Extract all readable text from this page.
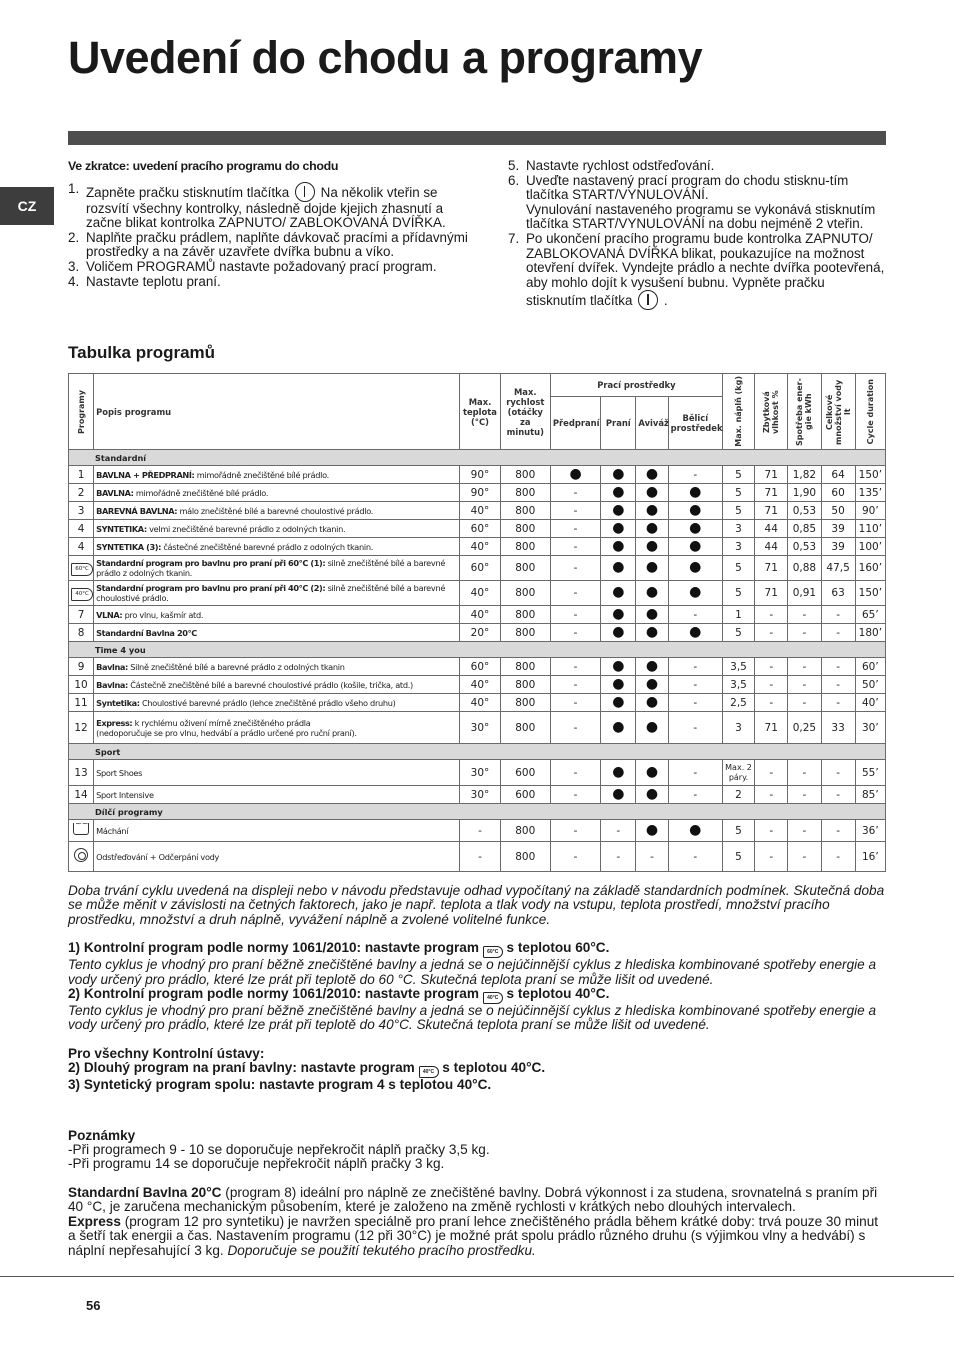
Uvedení do chodu a programy
CZ
Ve zkratce: uvedení pracího programu do chodu
1. Zapněte pračku stisknutím tlačítka Na několik vteřin se rozsvítí všechny kontrolky, následně dojde kjejich zhasnutí a začne blikat kontrolka ZAPNUTO/ ZABLOKOVANÁ DVÍŘKA.
2. Naplňte pračku prádlem, naplňte dávkovač pracími a přídavnými prostředky a na závěr uzavřete dvířka bubnu a víko.
3. Voličem PROGRAMŮ nastavte požadovaný prací program.
4. Nastavte teplotu praní.
5. Nastavte rychlost odstřeďování.
6. Uveďte nastavený prací program do chodu stisknu-tím tlačítka START/VYNULOVÁNÍ.
Vynulování nastaveného programu se vykonává stisknutím tlačítka START/VYNULOVÁNÍ na dobu nejméně 2 vteřin.
7. Po ukončení pracího programu bude kontrolka ZAPNUTO/ ZABLOKOVANÁ DVÍŘKA blikat, poukazujíce na možnost otevření dvířek. Vyndejte prádlo a nechte dvířka pootevřená, aby mohlo dojít k vysušení bubnu. Vypněte pračku stisknutím tlačítka .
Tabulka programů
Programy	Popis programu	Max. teplota (°C)	Max. rychlost (otáčky za minutu)	Prací prostředky				Max. náplň (kg)	Zbytková vlhkost %	Spotřeba ener-gie kWh	Celkové množství vody lt	Cycle duration

				Předpraní	Praní	Aviváž	Bělicí prostředek					
Standardní												
1	BAVLNA + PŘEDPRANÍ: mimořádně znečištěné bílé prádlo.	90°	800	●	●	●	-	5	71	1,82	64	150’
2	BAVLNA: mimořádně znečištěné bílé prádlo.	90°	800	-	●	●	●	5	71	1,90	60	135’
3	BAREVNÁ BAVLNA: málo znečištěné bílé a barevné choulostivé prádlo.	40°	800	-	●	●	●	5	71	0,53	50	90’
4	SYNTETIKA: velmi znečištěné barevné prádlo z odolných tkanin.	60°	800	-	●	●	●	3	44	0,85	39	110’
4	SYNTETIKA (3): částečné znečištěné barevné prádlo z odolných tkanin.	40°	800	-	●	●	●	3	44	0,53	39	100’
60°C	Standardní program pro bavlnu pro praní při 60°C (1): silně znečištěné bílé a barevné prádlo z odolných tkanin.	60°	800	-	●	●	●	5	71	0,88	47,5	160’
40°C	Standardní program pro bavlnu pro praní při 40°C (2): silně znečištěné bílé a barevné choulostivé prádlo.	40°	800	-	●	●	●	5	71	0,91	63	150’
7	VLNA: pro vlnu, kašmír atd.	40°	800	-	●	●	-	1	-	-	-	65’
8	Standardní Bavlna 20°C	20°	800	-	●	●	●	5	-	-	-	180’
Time 4 you												
9	Bavlna: Silně znečištěné bílé a barevné prádlo z odolných tkanin	60°	800	-	●	●	-	3,5	-	-	-	60’
10	Bavlna: Částečně znečištěné bílé a barevné choulostivé prádlo (košile, trička, atd.)	40°	800	-	●	●	-	3,5	-	-	-	50’
11	Syntetika: Choulostivé barevné prádlo (lehce znečištěné prádlo všeho druhu)	40°	800	-	●	●	-	2,5	-	-	-	40’
12	Express: k rychlému oživení mírně znečištěného prádla
(nedoporučuje se pro vlnu, hedvábí a prádlo určené pro ruční praní).	30°	800	-	●	●	-	3	71	0,25	33	30’
Sport												
13	Sport Shoes	30°	600	-	●	●	-	Max. 2 páry.	-	-	-	55’
14	Sport Intensive	30°	600	-	●	●	-	2	-	-	-	85’
Dílčí programy												
~~	Máchání	-	800	-	-	●	●	5	-	-	-	36’
	Odstřeďování + Odčerpání vody	-	800	-	-	-	-	5	-	-	-	16’

Doba trvání cyklu uvedená na displeji nebo v návodu představuje odhad vypočítaný na základě standardních podmínek. Skutečná doba se může měnit v závislosti na četných faktorech, jako je např. teplota a tlak vody na vstupu, teplota prostředí, množství pracího prostředku, množství a druh náplně, vyvážení náplně a zvolené volitelné funkce.

1) Kontrolní program podle normy 1061/2010: nastavte program 60°C s teplotou 60°C.

Tento cyklus je vhodný pro praní běžně znečištěné bavlny a jedná se o nejúčinnější cyklus z hlediska kombinované spotřeby energie a vody určený pro prádlo, které lze prát při teplotě do 60 °C. Skutečná teplota praní se může lišit od uvedené.

2) Kontrolní program podle normy 1061/2010: nastavte program 40°C s teplotou 40°C.

Tento cyklus je vhodný pro praní běžně znečištěné bavlny a jedná se o nejúčinnější cyklus z hlediska kombinované spotřeby energie a vody určený pro prádlo, které lze prát při teplotě do 40°C. Skutečná teplota praní se může lišit od uvedené.

Pro všechny Kontrolní ústavy:

2) Dlouhý program na praní bavlny: nastavte program 40°C s teplotou 40°C.

3) Syntetický program spolu: nastavte program 4 s teplotou 40°C.

Poznámky

-Při programech 9 - 10 se doporučuje nepřekročit náplň pračky 3,5 kg.

-Při programu 14 se doporučuje nepřekročit náplň pračky 3 kg.

Standardní Bavlna 20°C (program 8) ideální pro náplně ze znečištěné bavlny. Dobrá výkonnost i za studena, srovnatelná s praním při 40 °C, je zaručena mechanickým působením, které je založeno na změně rychlosti v krátkých nebo dlouhých intervalech.

Express (program 12 pro syntetiku) je navržen speciálně pro praní lehce znečištěného prádla během krátké doby: trvá pouze 30 minut a šetří tak energii a čas. Nastavením programu (12 při 30°C) je možné prát spolu prádlo různého druhu (s výjimkou vlny a hedvábí) s náplní nepřesahující 3 kg. Doporučuje se použití tekutého pracího prostředku.

56
